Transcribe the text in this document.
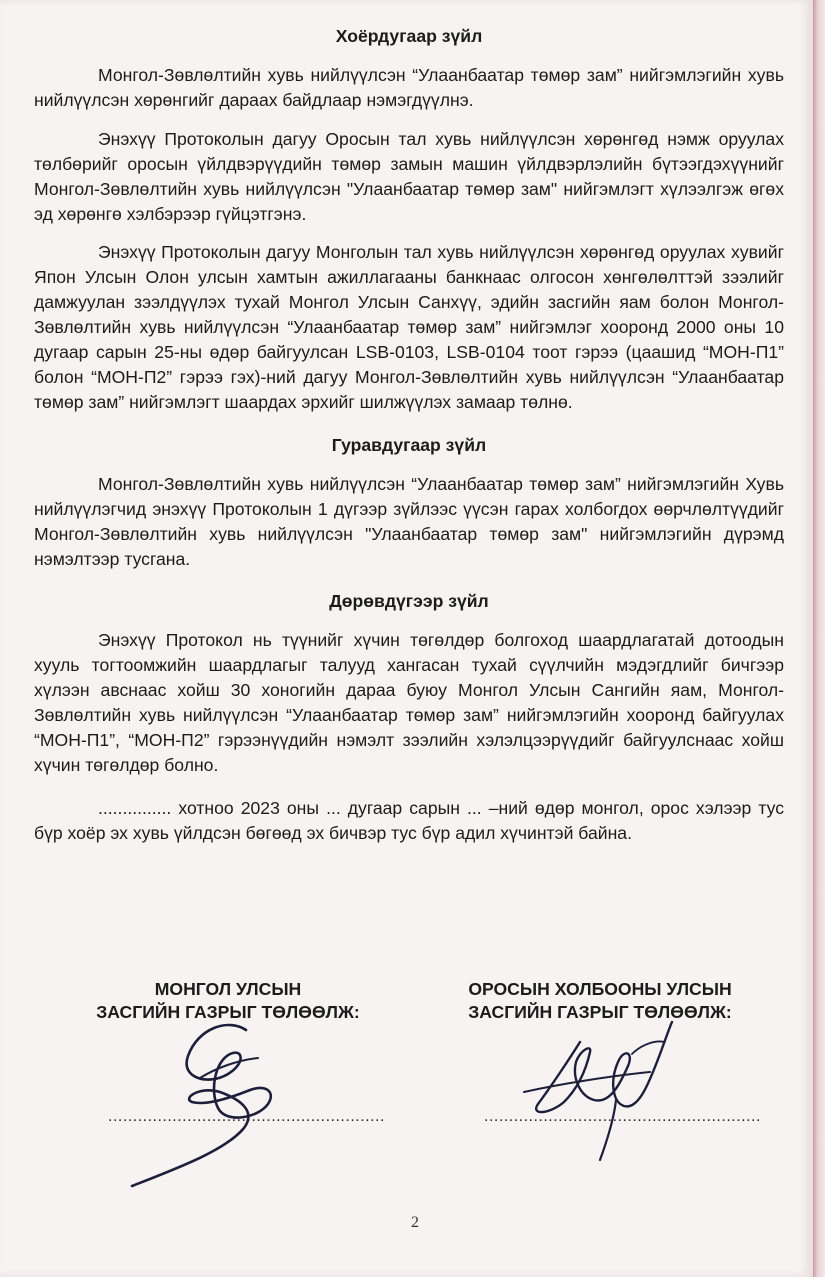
Хоёрдугаар зүйл

Монгол-Зөвлөлтийн хувь нийлүүлсэн “Улаанбаатар төмөр зам” нийгэмлэгийн хувь нийлүүлсэн хөрөнгийг дараах байдлаар нэмэгдүүлнэ.

Энэхүү Протоколын дагуу Оросын тал хувь нийлүүлсэн хөрөнгөд нэмж оруулах төлбөрийг оросын үйлдвэрүүдийн төмөр замын машин үйлдвэрлэлийн бүтээгдэхүүнийг Монгол-Зөвлөлтийн хувь нийлүүлсэн "Улаанбаатар төмөр зам" нийгэмлэгт хүлээлгэж өгөх эд хөрөнгө хэлбэрээр гүйцэтгэнэ.

Энэхүү Протоколын дагуу Монголын тал хувь нийлүүлсэн хөрөнгөд оруулах хувийг Япон Улсын Олон улсын хамтын ажиллагааны банкнаас олгосон хөнгөлөлттэй зээлийг дамжуулан зээлдүүлэх тухай Монгол Улсын Санхүү, эдийн засгийн яам болон Монгол-Зөвлөлтийн хувь нийлүүлсэн “Улаанбаатар төмөр зам” нийгэмлэг хооронд 2000 оны 10 дугаар сарын 25-ны өдөр байгуулсан LSB-0103, LSB-0104 тоот гэрээ (цаашид “МОН-П1” болон “МОН-П2” гэрээ гэх)-ний дагуу Монгол-Зөвлөлтийн хувь нийлүүлсэн “Улаанбаатар төмөр зам” нийгэмлэгт шаардах эрхийг шилжүүлэх замаар төлнө.

Гуравдугаар зүйл

Монгол-Зөвлөлтийн хувь нийлүүлсэн “Улаанбаатар төмөр зам” нийгэмлэгийн Хувь нийлүүлэгчид энэхүү Протоколын 1 дүгээр зүйлээс үүсэн гарах холбогдох өөрчлөлтүүдийг Монгол-Зөвлөлтийн хувь нийлүүлсэн "Улаанбаатар төмөр зам" нийгэмлэгийн дүрэмд нэмэлтээр тусгана.

Дөрөвдүгээр зүйл

Энэхүү Протокол нь түүнийг хүчин төгөлдөр болгоход шаардлагатай дотоодын хууль тогтоомжийн шаардлагыг талууд хангасан тухай сүүлчийн мэдэгдлийг бичгээр хүлээн авснаас хойш 30 хоногийн дараа буюу Монгол Улсын Сангийн яам, Монгол-Зөвлөлтийн хувь нийлүүлсэн “Улаанбаатар төмөр зам” нийгэмлэгийн хооронд байгуулах “МОН-П1”, “МОН-П2” гэрээнүүдийн нэмэлт зээлийн хэлэлцээрүүдийг байгуулснаас хойш хүчин төгөлдөр болно.

............... хотноо 2023 оны ... дугаар сарын ... –ний өдөр монгол, орос хэлээр тус бүр хоёр эх хувь үйлдсэн бөгөөд эх бичвэр тус бүр адил хүчинтэй байна.

МОНГОЛ УЛСЫН
ЗАСГИЙН ГАЗРЫГ ТӨЛӨӨЛЖ:
ОРОСЫН ХОЛБООНЫ УЛСЫН
ЗАСГИЙН ГАЗРЫГ ТӨЛӨӨЛЖ:
........................................................	........................................................
2
